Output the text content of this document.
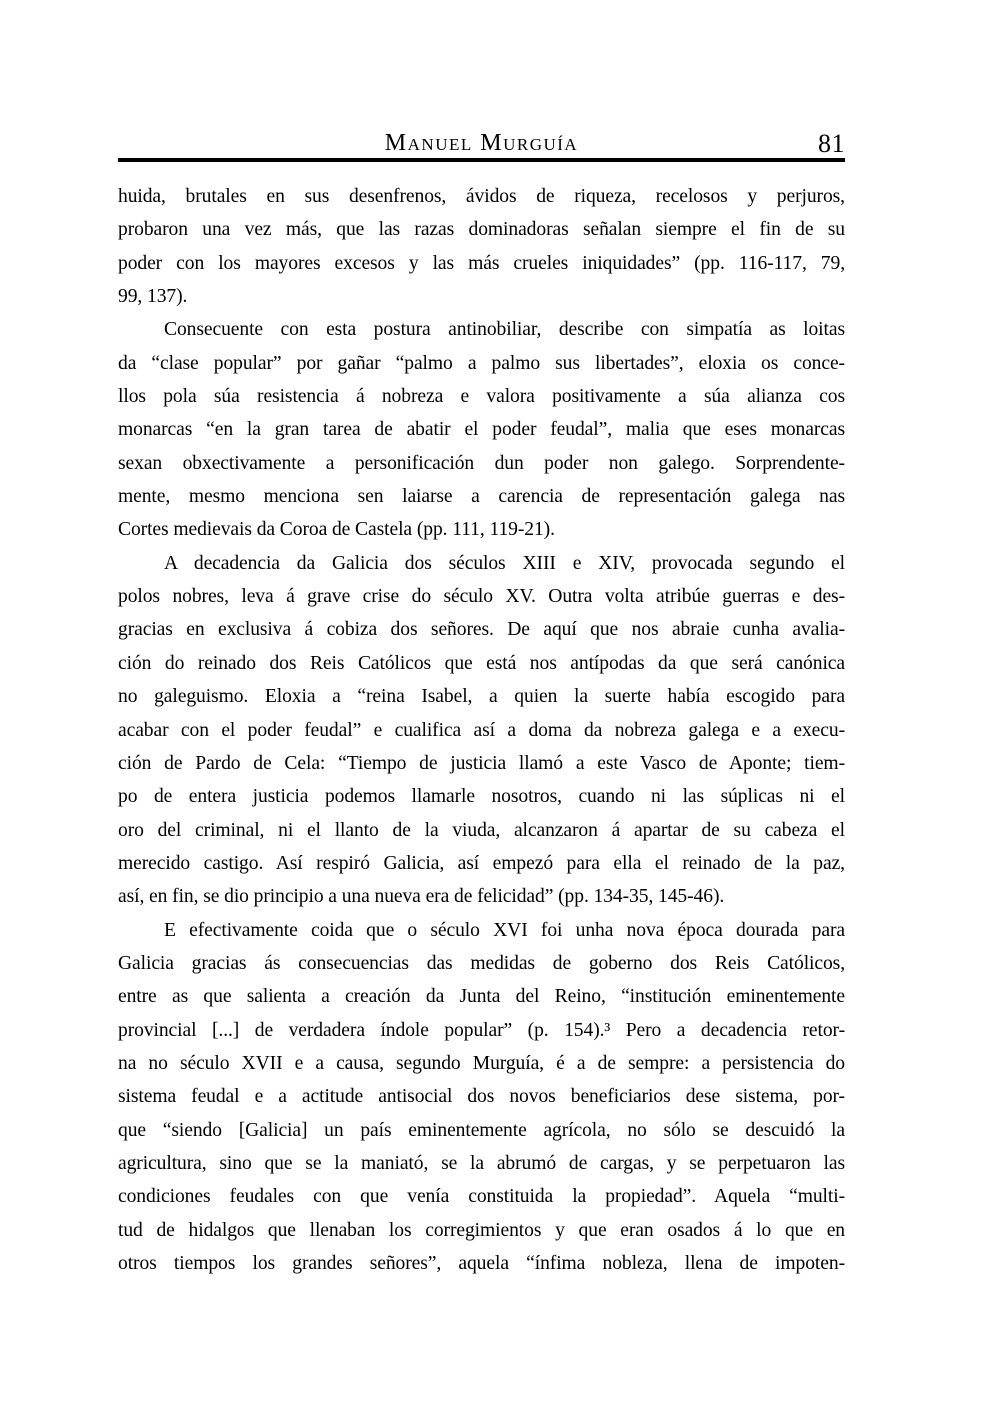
Manuel Murguía	81
huida, brutales en sus desenfrenos, ávidos de riqueza, recelosos y perjuros,
probaron una vez más, que las razas dominadoras señalan siempre el fin de su
poder con los mayores excesos y las más crueles iniquidades” (pp. 116-117, 79,
99, 137).
Consecuente con esta postura antinobiliar, describe con simpatía as loitas
da “clase popular” por gañar “palmo a palmo sus libertades”, eloxia os conce-
llos pola súa resistencia á nobreza e valora positivamente a súa alianza cos
monarcas “en la gran tarea de abatir el poder feudal”, malia que eses monarcas
sexan obxectivamente a personificación dun poder non galego. Sorprendente-
mente, mesmo menciona sen laiarse a carencia de representación galega nas
Cortes medievais da Coroa de Castela (pp. 111, 119-21).
A decadencia da Galicia dos séculos XIII e XIV, provocada segundo el
polos nobres, leva á grave crise do século XV. Outra volta atribúe guerras e des-
gracias en exclusiva á cobiza dos señores. De aquí que nos abraie cunha avalia-
ción do reinado dos Reis Católicos que está nos antípodas da que será canónica
no galeguismo. Eloxia a “reina Isabel, a quien la suerte había escogido para
acabar con el poder feudal” e cualifica así a doma da nobreza galega e a execu-
ción de Pardo de Cela: “Tiempo de justicia llamó a este Vasco de Aponte; tiem-
po de entera justicia podemos llamarle nosotros, cuando ni las súplicas ni el
oro del criminal, ni el llanto de la viuda, alcanzaron á apartar de su cabeza el
merecido castigo. Así respiró Galicia, así empezó para ella el reinado de la paz,
así, en fin, se dio principio a una nueva era de felicidad” (pp. 134-35, 145-46).
E efectivamente coida que o século XVI foi unha nova época dourada para
Galicia gracias ás consecuencias das medidas de goberno dos Reis Católicos,
entre as que salienta a creación da Junta del Reino, “institución eminentemente
provincial [...] de verdadera índole popular” (p. 154).³ Pero a decadencia retor-
na no século XVII e a causa, segundo Murguía, é a de sempre: a persistencia do
sistema feudal e a actitude antisocial dos novos beneficiarios dese sistema, por-
que “siendo [Galicia] un país eminentemente agrícola, no sólo se descuidó la
agricultura, sino que se la maniató, se la abrumó de cargas, y se perpetuaron las
condiciones feudales con que venía constituida la propiedad”. Aquela “multi-
tud de hidalgos que llenaban los corregimientos y que eran osados á lo que en
otros tiempos los grandes señores”, aquela “ínfima nobleza, llena de impoten-
